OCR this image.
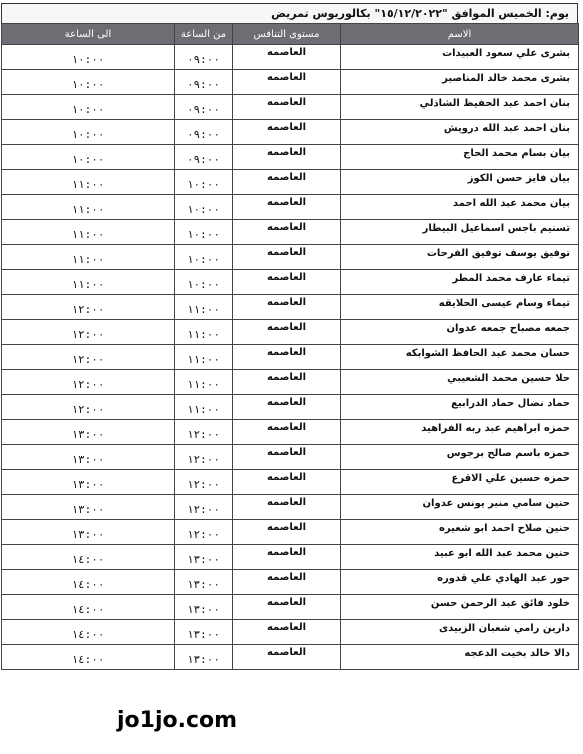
يوم: الخميس الموافق "١٥/١٢/٢٠٢٢" بكالوريوس تمريض
الاسم	مستوى التنافس	من الساعة	الى الساعة
بشرى علي سعود العبيدات	العاصمه	٠٩:٠٠	١٠:٠٠
بشرى محمد خالد المناصير	العاصمه	٠٩:٠٠	١٠:٠٠
بنان احمد عبد الحفيظ الشاذلي	العاصمه	٠٩:٠٠	١٠:٠٠
بنان احمد عبد الله درويش	العاصمه	٠٩:٠٠	١٠:٠٠
بيان بسام محمد الحاج	العاصمه	٠٩:٠٠	١٠:٠٠
بيان فايز حسن الكوز	العاصمه	١٠:٠٠	١١:٠٠
بيان محمد عبد الله احمد	العاصمه	١٠:٠٠	١١:٠٠
تسنيم باجس اسماعيل البيطار	العاصمه	١٠:٠٠	١١:٠٠
توفيق يوسف توفيق الفرحات	العاصمه	١٠:٠٠	١١:٠٠
تيماء عارف محمد المطر	العاصمه	١٠:٠٠	١١:٠٠
تيماء وسام عيسى الحلايقه	العاصمه	١١:٠٠	١٢:٠٠
جمعه مصباح جمعه عدوان	العاصمه	١١:٠٠	١٢:٠٠
حسان محمد عبد الحافظ الشوابكه	العاصمه	١١:٠٠	١٢:٠٠
حلا حسين محمد الشعيبي	العاصمه	١١:٠٠	١٢:٠٠
حماد نضال حماد الدرابيع	العاصمه	١١:٠٠	١٢:٠٠
حمزه ابراهيم عبد ربه الفراهيد	العاصمه	١٢:٠٠	١٣:٠٠
حمزه باسم صالح برجوس	العاصمه	١٢:٠٠	١٣:٠٠
حمزه حسين علي الاقرع	العاصمه	١٢:٠٠	١٣:٠٠
حنين سامي منير يونس عدوان	العاصمه	١٢:٠٠	١٣:٠٠
حنين صلاح احمد ابو شعيره	العاصمه	١٢:٠٠	١٣:٠٠
حنين محمد عبد الله ابو عبيد	العاصمه	١٣:٠٠	١٤:٠٠
حور عبد الهادي علي قدوره	العاصمه	١٣:٠٠	١٤:٠٠
خلود فائق عبد الرحمن حسن	العاصمه	١٣:٠٠	١٤:٠٠
دارين رامي شعبان الزبيدى	العاصمه	١٣:٠٠	١٤:٠٠
دالا خالد بخيت الدعجه	العاصمه	١٣:٠٠	١٤:٠٠
jo1jo.com
